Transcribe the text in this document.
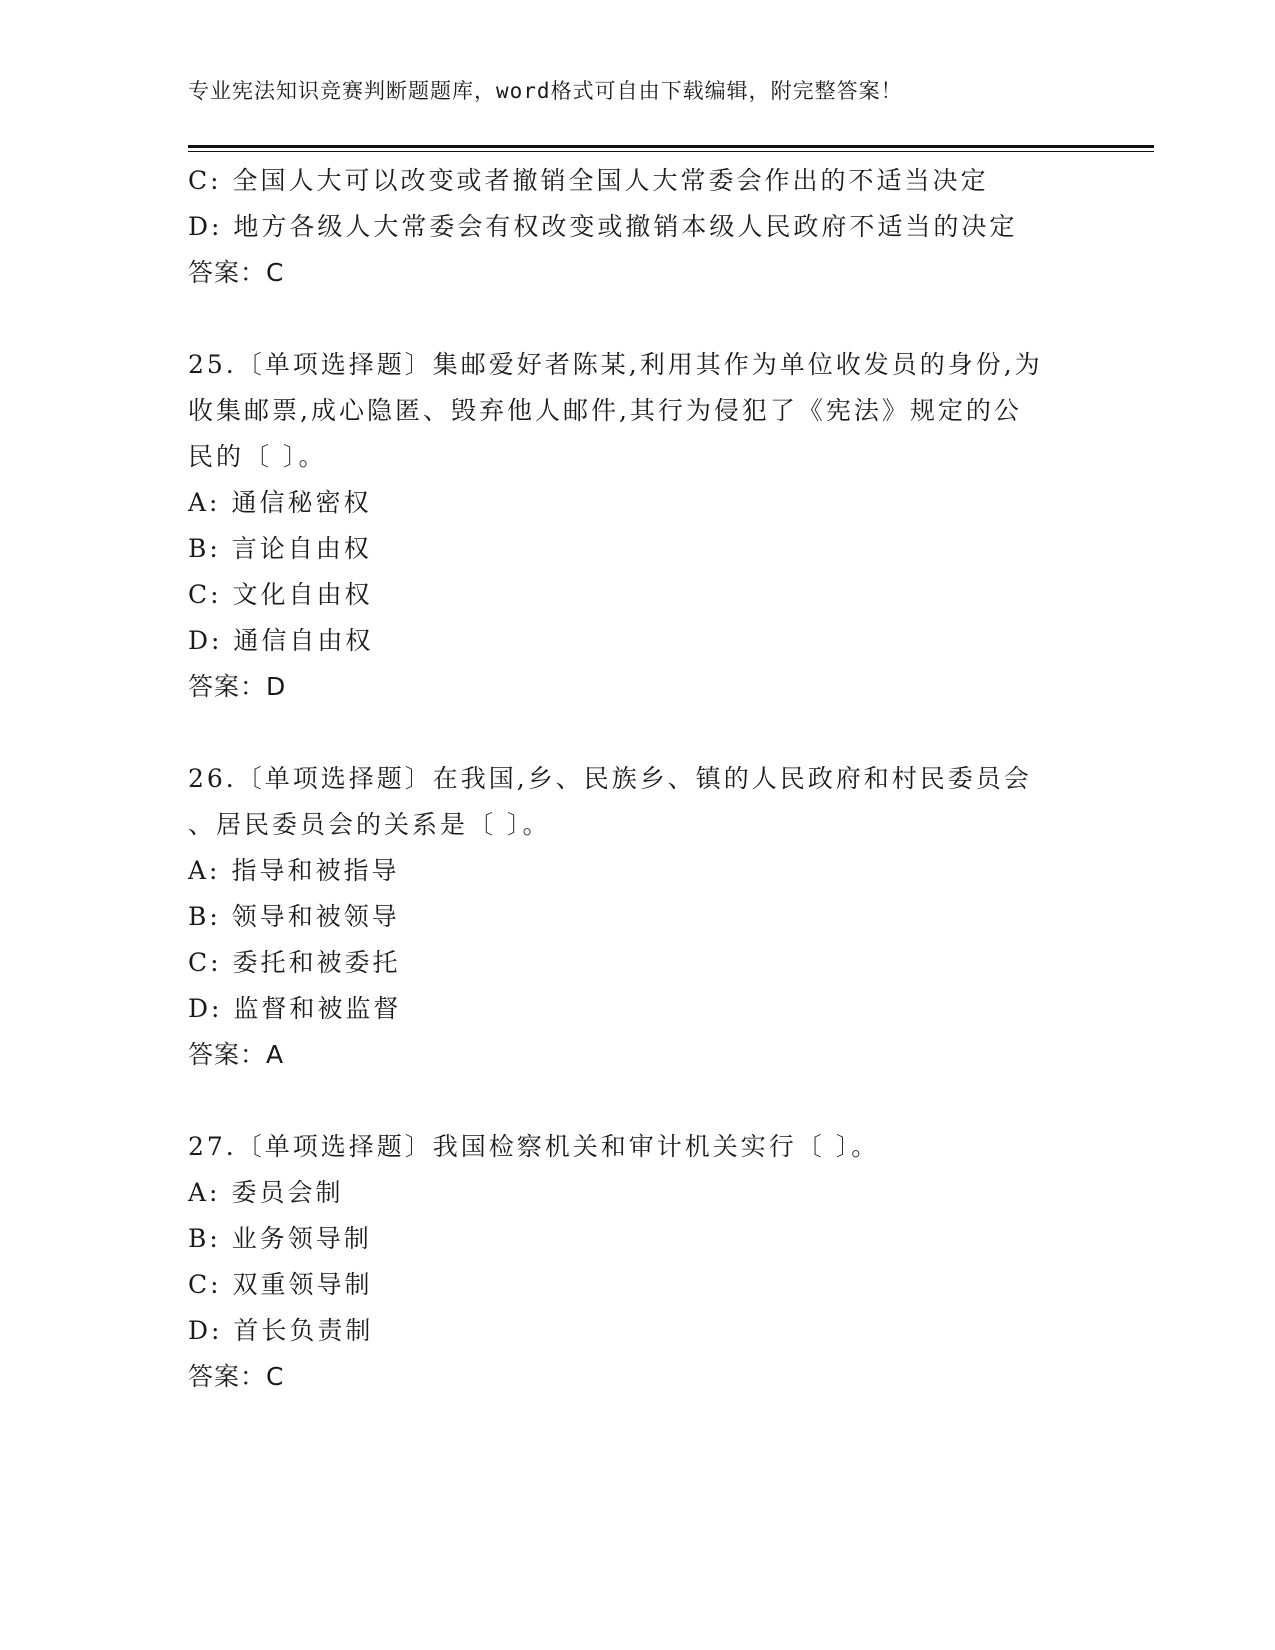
专业宪法知识竞赛判断题题库，word格式可自由下载编辑，附完整答案！
C: 全国人大可以改变或者撤销全国人大常委会作出的不适当决定
D: 地方各级人大常委会有权改变或撤销本级人民政府不适当的决定
答案：C
25.〔单项选择题〕集邮爱好者陈某,利用其作为单位收发员的身份,为
收集邮票,成心隐匿、毁弃他人邮件,其行为侵犯了《宪法》规定的公
民的〔 〕。
A: 通信秘密权
B: 言论自由权
C: 文化自由权
D: 通信自由权
答案：D
26.〔单项选择题〕在我国,乡、民族乡、镇的人民政府和村民委员会
、居民委员会的关系是〔 〕。
A: 指导和被指导
B: 领导和被领导
C: 委托和被委托
D: 监督和被监督
答案：A
27.〔单项选择题〕我国检察机关和审计机关实行〔 〕。
A: 委员会制
B: 业务领导制
C: 双重领导制
D: 首长负责制
答案：C
